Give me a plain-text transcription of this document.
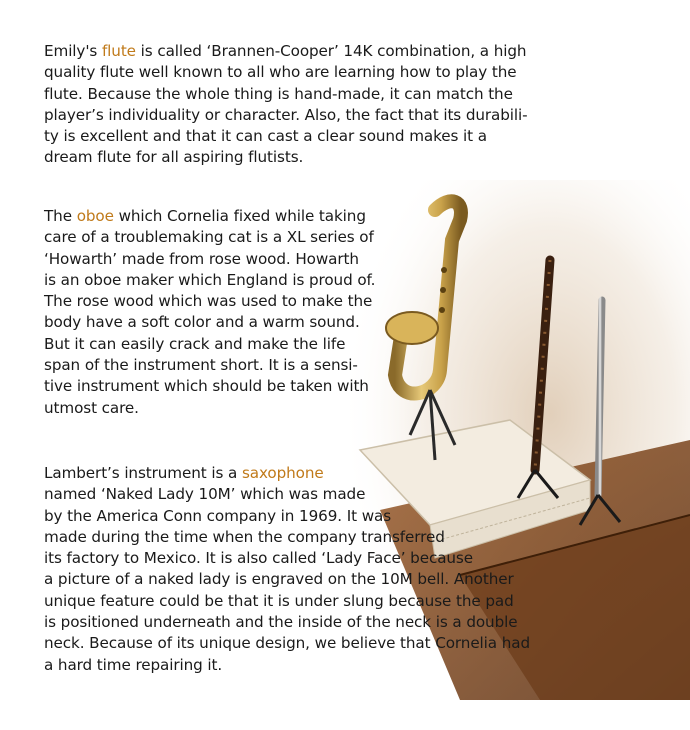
Emily's flute is called ‘Brannen-Cooper’ 14K combination, a high
quality flute well known to all who are learning how to play the
flute. Because the whole thing is hand-made, it can match the
player’s individuality or character. Also, the fact that its durabili-
ty is excellent and that it can cast a clear sound makes it a
dream flute for all aspiring flutists.

The oboe which Cornelia fixed while taking
care of a troublemaking cat is a XL series of
‘Howarth’ made from rose wood. Howarth
is an oboe maker which England is proud of.
The rose wood which was used to make the
body have a soft color and a warm sound.
But it can easily crack and make the life
span of the instrument short. It is a sensi-
tive instrument which should be taken with
utmost care.

Lambert’s instrument is a saxophone
named ‘Naked Lady 10M’ which was made
by the America Conn company in 1969. It was
made during the time when the company transferred
its factory to Mexico. It is also called ‘Lady Face’ because
a picture of a naked lady is engraved on the 10M bell. Another
unique feature could be that it is under slung because the pad
is positioned underneath and the inside of the neck is a double
neck. Because of its unique design, we believe that Cornelia had
a hard time repairing it.
